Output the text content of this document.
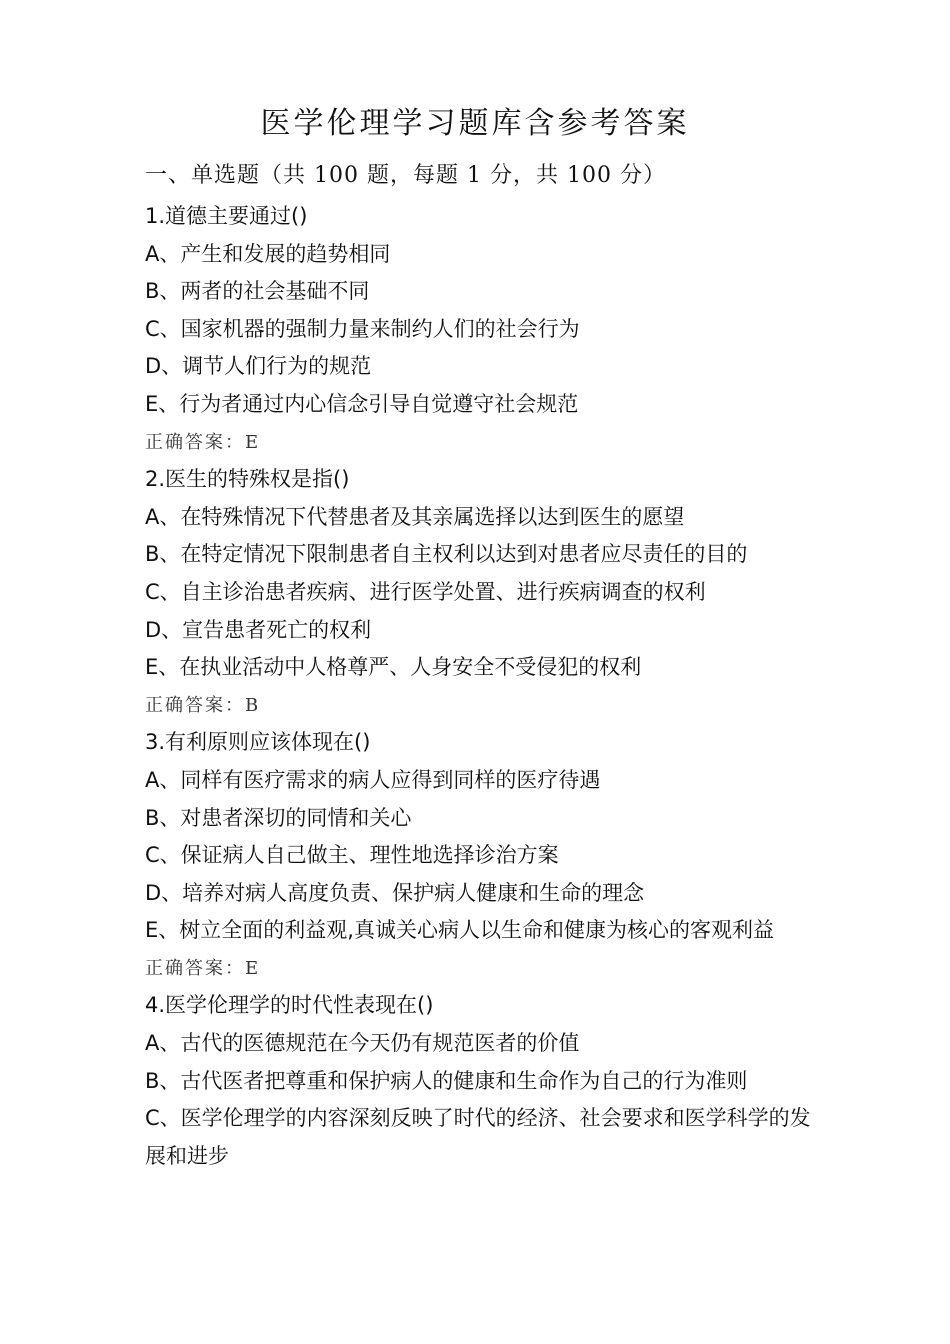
医学伦理学习题库含参考答案
一、单选题（共 100 题，每题 1 分，共 100 分）

1.道德主要通过()

A、产生和发展的趋势相同

B、两者的社会基础不同

C、国家机器的强制力量来制约人们的社会行为

D、调节人们行为的规范

E、行为者通过内心信念引导自觉遵守社会规范

正确答案：E

2.医生的特殊权是指()

A、在特殊情况下代替患者及其亲属选择以达到医生的愿望

B、在特定情况下限制患者自主权利以达到对患者应尽责任的目的

C、自主诊治患者疾病、进行医学处置、进行疾病调查的权利

D、宣告患者死亡的权利

E、在执业活动中人格尊严、人身安全不受侵犯的权利

正确答案：B

3.有利原则应该体现在()

A、同样有医疗需求的病人应得到同样的医疗待遇

B、对患者深切的同情和关心

C、保证病人自己做主、理性地选择诊治方案

D、培养对病人高度负责、保护病人健康和生命的理念

E、树立全面的利益观,真诚关心病人以生命和健康为核心的客观利益

正确答案：E

4.医学伦理学的时代性表现在()

A、古代的医德规范在今天仍有规范医者的价值

B、古代医者把尊重和保护病人的健康和生命作为自己的行为准则

C、医学伦理学的内容深刻反映了时代的经济、社会要求和医学科学的发展和进步
